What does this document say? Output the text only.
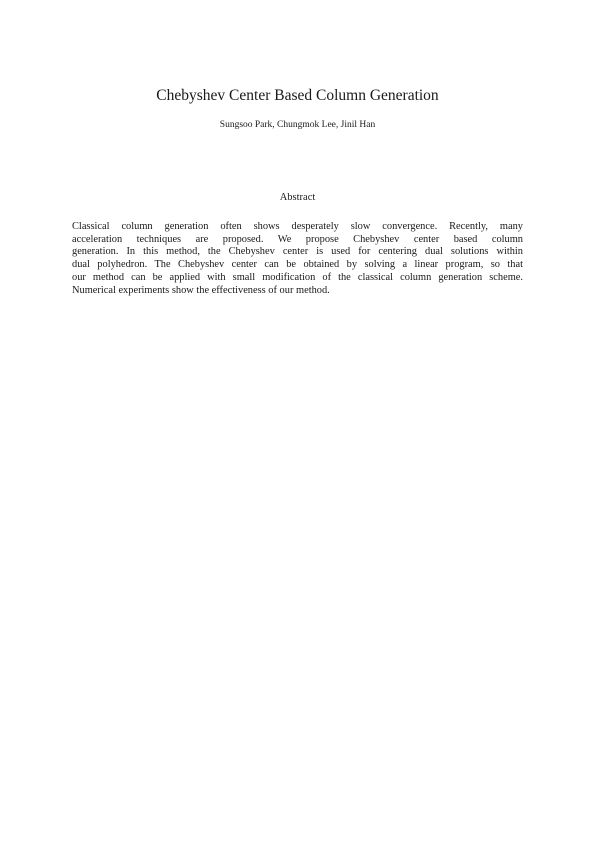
Chebyshev Center Based Column Generation
Sungsoo Park, Chungmok Lee, Jinil Han
Abstract

Classical column generation often shows desperately slow convergence. Recently, many
acceleration techniques are proposed. We propose Chebyshev center based column
generation. In this method, the Chebyshev center is used for centering dual solutions within
dual polyhedron. The Chebyshev center can be obtained by solving a linear program, so that
our method can be applied with small modification of the classical column generation scheme.
Numerical experiments show the effectiveness of our method.
